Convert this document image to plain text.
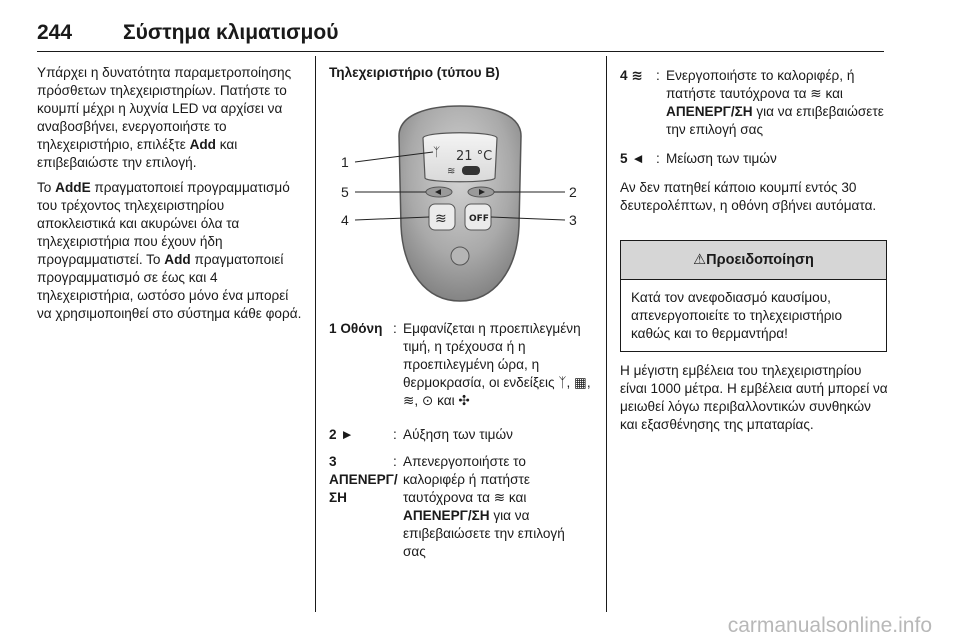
244 Σύστημα κλιματισμού

Υπάρχει η δυνατότητα παραμετροποίησης πρόσθετων τηλεχειριστηρίων. Πατήστε το κουμπί μέχρι η λυχνία LED να αρχίσει να αναβοσβήνει, ενεργοποιήστε το τηλεχειριστήριο, επιλέξτε Add και επιβεβαιώστε την επιλογή.

Το AddE πραγματοποιεί προγραμματισμό του τρέχοντος τηλεχειριστηρίου αποκλειστικά και ακυρώνει όλα τα τηλεχειριστήρια που έχουν ήδη προγραμματιστεί. Το Add πραγματοποιεί προγραμματισμό σε έως και 4 τηλεχειριστήρια, ωστόσο μόνο ένα μπορεί να χρησιμοποιηθεί στο σύστημα κάθε φορά.

Τηλεχειριστήριο (τύπου B)
ᛉ 21 °C
≋
≋ OFF
1
5
4
2
3
1 Οθόνη : Εμφανίζεται η προεπιλεγμένη τιμή, η τρέχουσα ή η προεπιλεγμένη ώρα, η θερμοκρασία, οι ενδείξεις ᛉ, ▦, ≋, ⊙ και ✣
2 ►	: Αύξηση των τιμών
3 ΑΠΕΝΕΡΓ/ΣΗ
: Απενεργοποιήστε το καλοριφέρ ή πατήστε ταυτόχρονα τα ≋ και ΑΠΕΝΕΡΓ/ΣΗ για να επιβεβαιώσετε την επιλογή σας
4 ≋ : Ενεργοποιήστε το καλοριφέρ, ή πατήστε ταυτόχρονα τα ≋ και ΑΠΕΝΕΡΓ/ΣΗ για να επιβεβαιώσετε την επιλογή σας
5 ◄ : Μείωση των τιμών
Αν δεν πατηθεί κάποιο κουμπί εντός 30 δευτερολέπτων, η οθόνη σβήνει αυτόματα.
⚠Προειδοποίηση
Κατά τον ανεφοδιασμό καυσίμου, απενεργοποιείτε το τηλεχειριστήριο καθώς και το θερμαντήρα!
Η μέγιστη εμβέλεια του τηλεχειριστηρίου είναι 1000 μέτρα. Η εμβέλεια αυτή μπορεί να μειωθεί λόγω περιβαλλοντικών συνθηκών και εξασθένησης της μπαταρίας.
carmanualsonline.info
